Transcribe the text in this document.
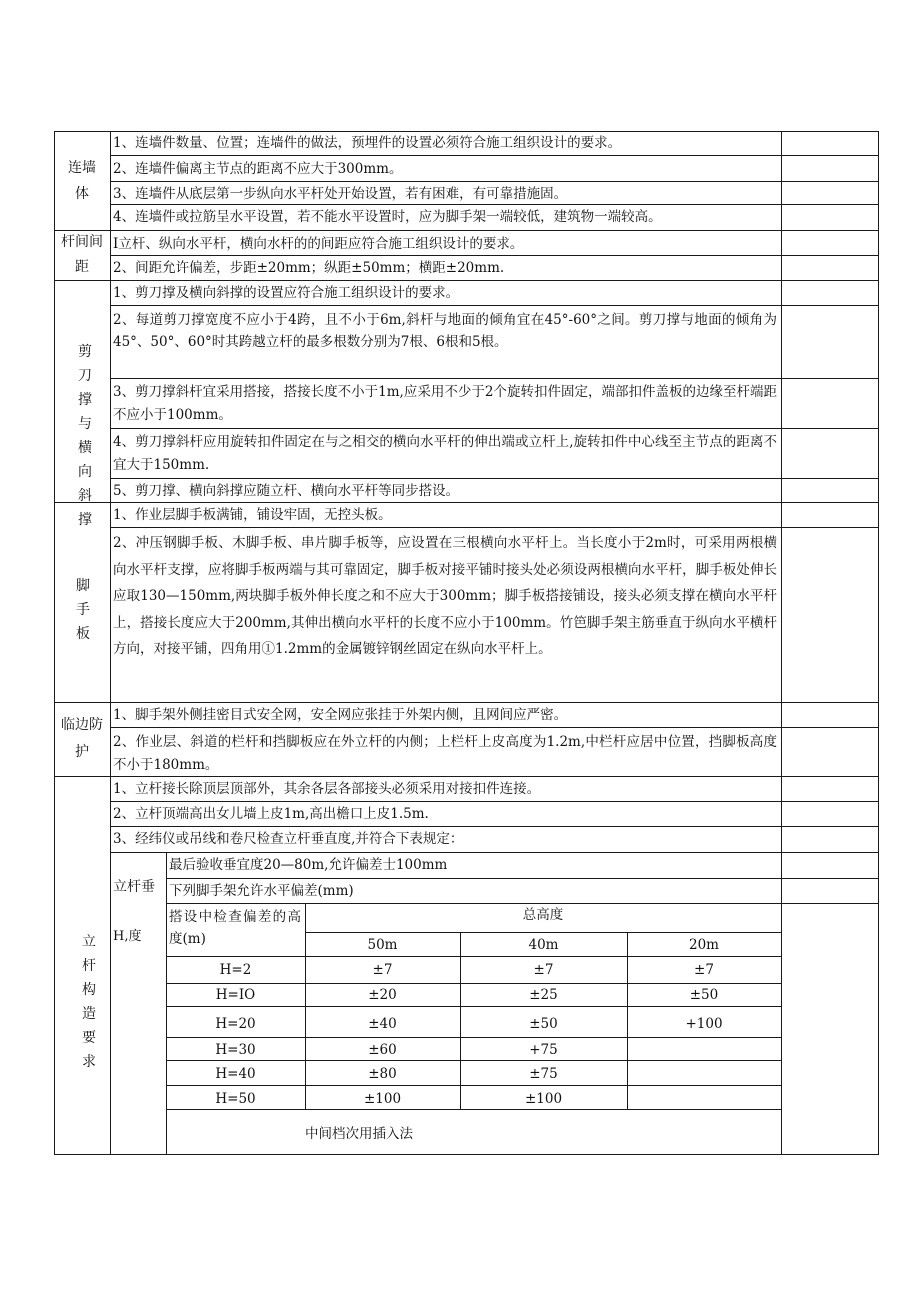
连墙体
1、连墙件数量、位置；连墙件的做法，预埋件的设置必须符合施工组织设计的要求。
2、连墙件偏离主节点的距离不应大于300mm。
3、连墙件从底层第一步纵向水平杆处开始设置，若有困难，有可靠措施固。
4、连墙件或拉筋呈水平设置，若不能水平设置时，应为脚手架一端较低，建筑物一端较高。
杆间间距
I立杆、纵向水平杆，横向水杆的的间距应符合施工组织设计的要求。
2、间距允许偏差，步距±20mm；纵距±50mm；横距±20mm.
剪刀撑与横向斜撑
1、剪刀撑及横向斜撑的设置应符合施工组织设计的要求。
2、每道剪刀撑宽度不应小于4跨，且不小于6m,斜杆与地面的倾角宜在45°-60°之间。剪刀撑与地面的倾角为45°、50°、60°时其跨越立杆的最多根数分别为7根、6根和5根。
3、剪刀撑斜杆宜采用搭接，搭接长度不小于1m,应采用不少于2个旋转扣件固定，端部扣件盖板的边缘至杆端距不应小于100mm。
4、剪刀撑斜杆应用旋转扣件固定在与之相交的横向水平杆的伸出端或立杆上,旋转扣件中心线至主节点的距离不宜大于150mm.
5、剪刀撑、横向斜撑应随立杆、横向水平杆等同步搭设。
脚手板
1、作业层脚手板满铺，铺设牢固，无控头板。
2、冲压钢脚手板、木脚手板、串片脚手板等，应设置在三根横向水平杆上。当长度小于2m时，可采用两根横向水平杆支撑，应将脚手板两端与其可靠固定，脚手板对接平铺时接头处必须设两根横向水平杆，脚手板处伸长应取130—150mm,两块脚手板外伸长度之和不应大于300mm；脚手板搭接铺设，接头必须支撑在横向水平杆上，搭接长度应大于200mm,其伸出横向水平杆的长度不应小于100mm。竹笆脚手架主筋垂直于纵向水平横杆方向，对接平铺，四角用①1.2mm的金属镀锌钢丝固定在纵向水平杆上。
临边防护
1、脚手架外侧挂密目式安全网，安全网应张挂于外架内侧，且网间应严密。
2、作业层、斜道的栏杆和挡脚板应在外立杆的内侧；上栏杆上皮高度为1.2m,中栏杆应居中位置，挡脚板高度不小于180mm。
立杆构造要求
1、立杆接长除顶层顶部外，其余各层各部接头必须采用对接扣件连接。
2、立杆顶端高出女儿墙上皮1m,高出檐口上皮1.5m.
3、经纬仪或吊线和卷尺检查立杆垂直度,并符合下表规定：
立杆垂
H,度
最后验收垂宜度20—80m,允许偏差士100mm
下列脚手架允许水平偏差(mm)
搭设中检查偏差的高度(m)
总高度
50m	40m	20m
H=2	±7	±7	±7
H=IO	±20	±25	±50
H=20	±40	±50	+100
H=30	±60	+75
H=40	±80	±75
H=50	±100	±100
中间档次用插入法
